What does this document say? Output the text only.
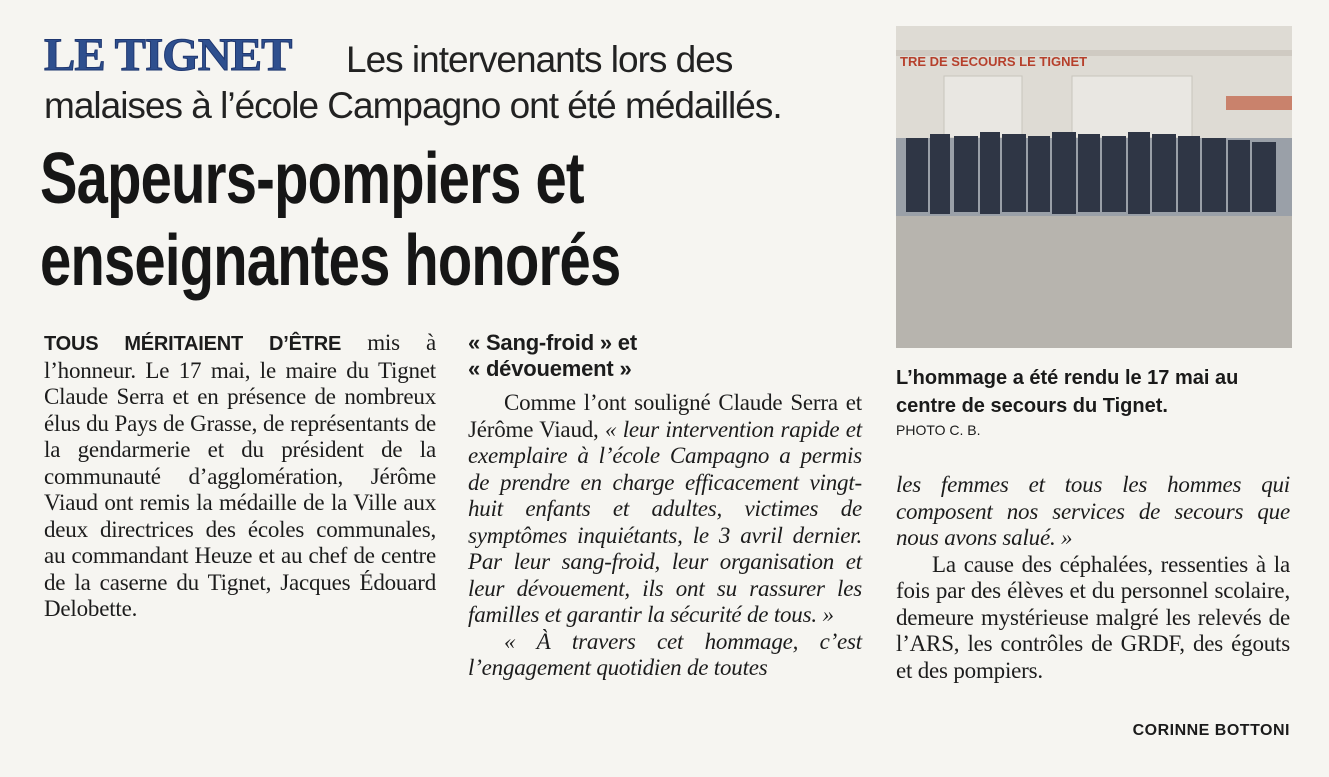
LE TIGNET Les intervenants lors des
malaises à l’école Campagno ont été médaillés.
Sapeurs-pompiers et
enseignantes honorés

TOUS MÉRITAIENT D’ÊTRE mis à l’honneur. Le 17 mai, le maire du Tignet Claude Serra et en présence de nombreux élus du Pays de Grasse, de représentants de la gendarmerie et du président de la communauté d’agglomération, Jérôme Viaud ont remis la médaille de la Ville aux deux directrices des écoles communales, au commandant Heuze et au chef de centre de la caserne du Tignet, Jacques Édouard Delobette.

« Sang-froid » et
« dévouement »

Comme l’ont souligné Claude Serra et Jérôme Viaud, « leur intervention rapide et exemplaire à l’école Campagno a permis de prendre en charge efficacement vingt-huit enfants et adultes, victimes de symptômes inquiétants, le 3 avril dernier. Par leur sang-froid, leur organisation et leur dévouement, ils ont su rassurer les familles et garantir la sécurité de tous. »

« À travers cet hommage, c’est l’engagement quotidien de toutes

TRE DE SECOURS LE TIGNET
L’hommage a été rendu le 17 mai au centre de secours du Tignet.
PHOTO C. B.

les femmes et tous les hommes qui composent nos services de secours que nous avons salué. »

La cause des céphalées, ressenties à la fois par des élèves et du personnel scolaire, demeure mystérieuse malgré les relevés de l’ARS, les contrôles de GRDF, des égouts et des pompiers.

CORINNE BOTTONI
